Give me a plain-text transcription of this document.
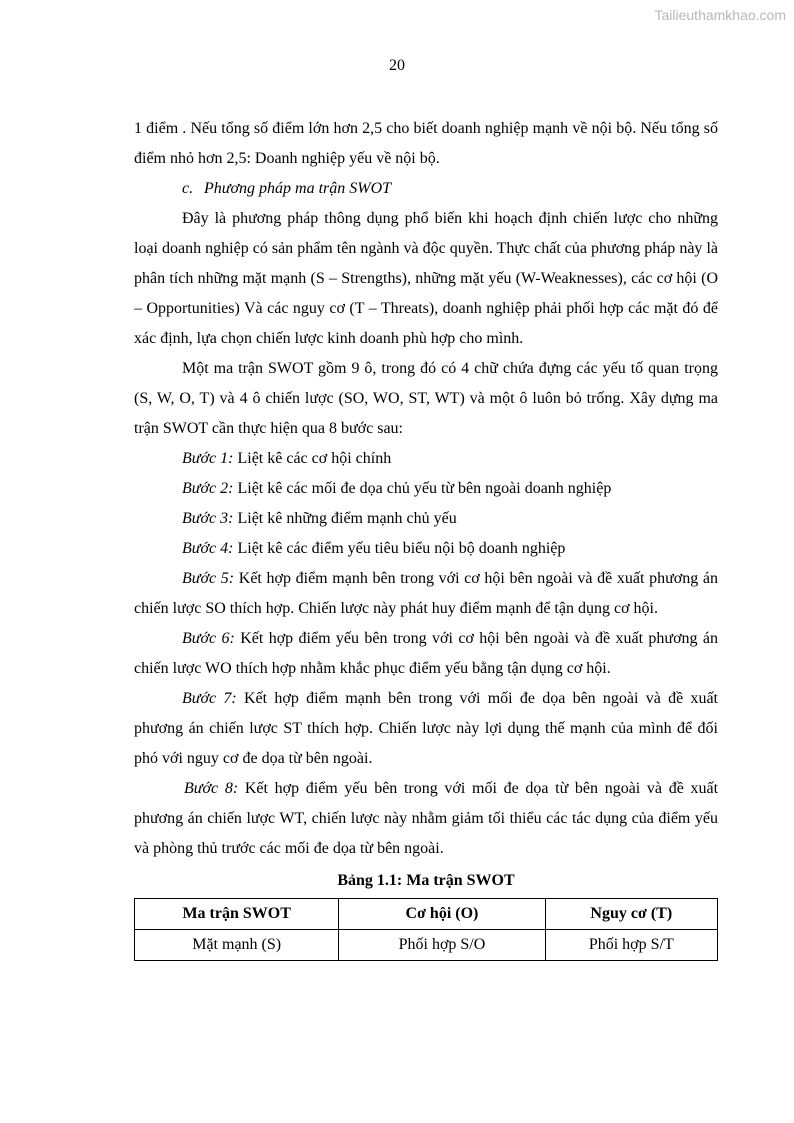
Tailieuthamkhao.com
20

1 điểm . Nếu tổng số điểm lớn hơn 2,5 cho biết doanh nghiệp mạnh về nội bộ. Nếu tổng số điểm nhỏ hơn 2,5: Doanh nghiệp yếu về nội bộ.

c. Phương pháp ma trận SWOT

Đây là phương pháp thông dụng phổ biến khi hoạch định chiến lược cho những loại doanh nghiệp có sản phẩm tên ngành và độc quyền. Thực chất của phương pháp này là phân tích những mặt mạnh (S – Strengths), những mặt yếu (W-Weaknesses), các cơ hội (O – Opportunities) Và các nguy cơ (T – Threats), doanh nghiệp phải phối hợp các mặt đó để xác định, lựa chọn chiến lược kinh doanh phù hợp cho mình.

Một ma trận SWOT gồm 9 ô, trong đó có 4 chữ chứa đựng các yếu tố quan trọng (S, W, O, T) và 4 ô chiến lược (SO, WO, ST, WT) và một ô luôn bỏ trống. Xây dựng ma trận SWOT cần thực hiện qua 8 bước sau:

Bước 1: Liệt kê các cơ hội chính

Bước 2: Liệt kê các mối đe dọa chủ yếu từ bên ngoài doanh nghiệp

Bước 3: Liệt kê những điểm mạnh chủ yếu

Bước 4: Liệt kê các điểm yếu tiêu biểu nội bộ doanh nghiệp

Bước 5: Kết hợp điểm mạnh bên trong với cơ hội bên ngoài và đề xuất phương án chiến lược SO thích hợp. Chiến lược này phát huy điểm mạnh để tận dụng cơ hội.

Bước 6: Kết hợp điểm yếu bên trong với cơ hội bên ngoài và đề xuất phương án chiến lược WO thích hợp nhằm khắc phục điểm yếu bằng tận dụng cơ hội.

Bước 7: Kết hợp điểm mạnh bên trong với mối đe dọa bên ngoài và đề xuất phương án chiến lược ST thích hợp. Chiến lược này lợi dụng thế mạnh của mình để đối phó với nguy cơ đe dọa từ bên ngoài.

Bước 8: Kết hợp điểm yếu bên trong với mối đe dọa từ bên ngoài và đề xuất phương án chiến lược WT, chiến lược này nhằm giảm tối thiểu các tác dụng của điểm yếu và phòng thủ trước các mối đe dọa từ bên ngoài.

Bảng 1.1: Ma trận SWOT
Ma trận SWOT	Cơ hội (O)	Nguy cơ (T)
Mặt mạnh (S)	Phối hợp S/O	Phối hợp S/T
